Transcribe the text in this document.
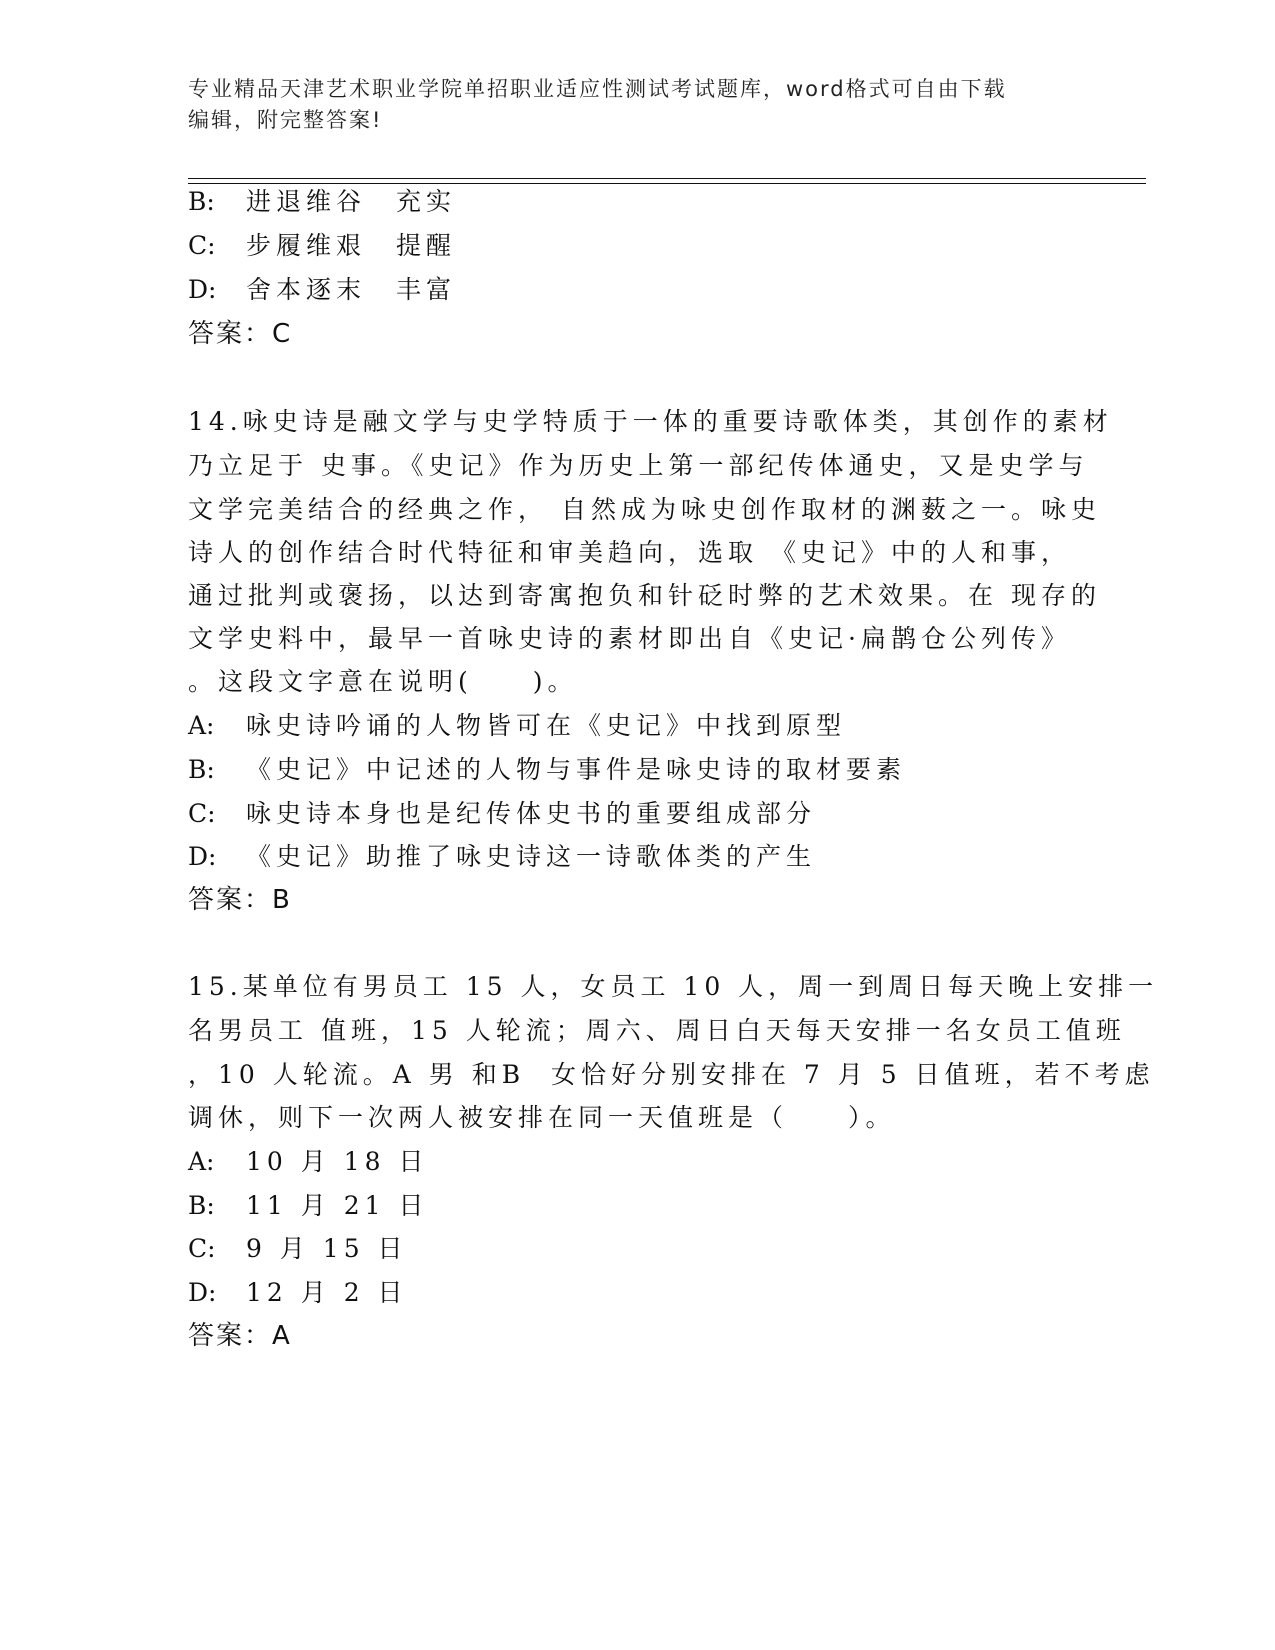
专业精品天津艺术职业学院单招职业适应性测试考试题库，word格式可自由下载
编辑，附完整答案!
B: 进退维谷　充实
C: 步履维艰　提醒
D: 舍本逐末　丰富
答案：C
14.咏史诗是融文学与史学特质于一体的重要诗歌体类，其创作的素材
乃立足于 史事。《史记》作为历史上第一部纪传体通史，又是史学与
文学完美结合的经典之作， 自然成为咏史创作取材的渊薮之一。咏史
诗人的创作结合时代特征和审美趋向，选取 《史记》中的人和事，
通过批判或褒扬，以达到寄寓抱负和针砭时弊的艺术效果。在 现存的
文学史料中，最早一首咏史诗的素材即出自《史记·扁鹊仓公列传》
。这段文字意在说明(　　)。
A: 咏史诗吟诵的人物皆可在《史记》中找到原型
B: 《史记》中记述的人物与事件是咏史诗的取材要素
C: 咏史诗本身也是纪传体史书的重要组成部分
D: 《史记》助推了咏史诗这一诗歌体类的产生
答案：B
15.某单位有男员工 15 人，女员工 10 人，周一到周日每天晚上安排一
名男员工 值班，15 人轮流；周六、周日白天每天安排一名女员工值班
，10 人轮流。A 男 和B  女恰好分别安排在 7 月 5 日值班，若不考虑
调休，则下一次两人被安排在同一天值班是（　　）。
A: 10 月 18 日
B: 11 月 21 日
C: 9 月 15 日
D: 12 月 2 日
答案：A
